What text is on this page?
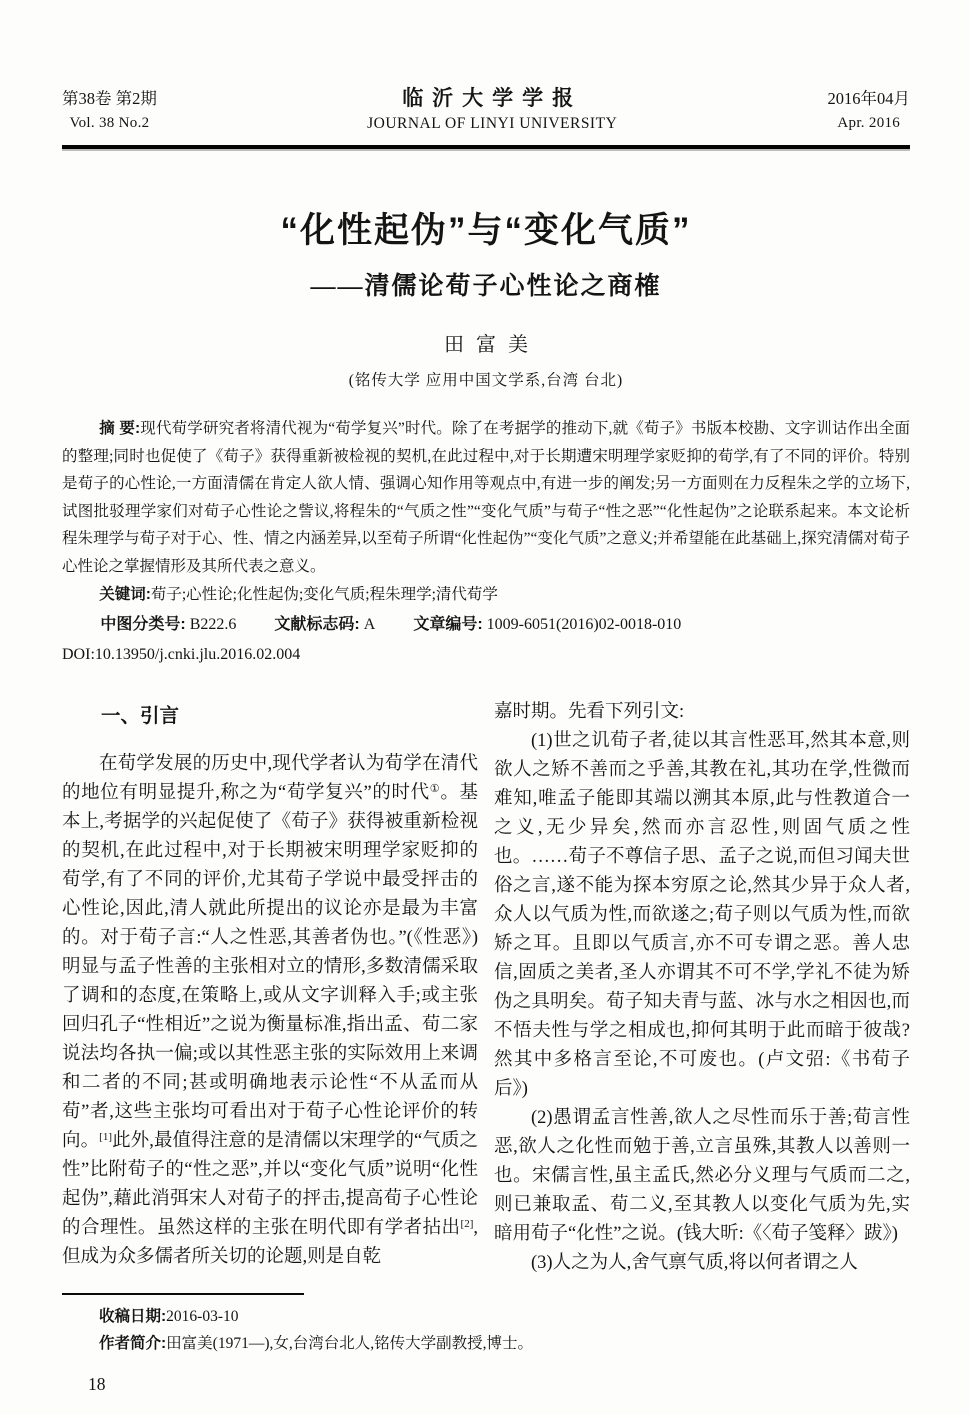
第38卷 第2期
Vol. 38 No.2
临沂大学学报
JOURNAL OF LINYI UNIVERSITY
2016年04月
Apr. 2016
“化性起伪”与“变化气质”
——清儒论荀子心性论之商榷
田富美
(铭传大学 应用中国文学系,台湾 台北)
摘 要:现代荀学研究者将清代视为“荀学复兴”时代。除了在考据学的推动下,就《荀子》书版本校勘、文字训诂作出全面的整理;同时也促使了《荀子》获得重新被检视的契机,在此过程中,对于长期遭宋明理学家贬抑的荀学,有了不同的评价。特别是荀子的心性论,一方面清儒在肯定人欲人情、强调心知作用等观点中,有进一步的阐发;另一方面则在力反程朱之学的立场下,试图批驳理学家们对荀子心性论之訾议,将程朱的“气质之性”“变化气质”与荀子“性之恶”“化性起伪”之论联系起来。本文论析程朱理学与荀子对于心、性、情之内涵差异,以至荀子所谓“化性起伪”“变化气质”之意义;并希望能在此基础上,探究清儒对荀子心性论之掌握情形及其所代表之意义。
关键词:荀子;心性论;化性起伪;变化气质;程朱理学;清代荀学
中图分类号: B222.6 文献标志码: A 文章编号: 1009-6051(2016)02-0018-010
DOI:10.13950/j.cnki.jlu.2016.02.004
一、引言

在荀学发展的历史中,现代学者认为荀学在清代的地位有明显提升,称之为“荀学复兴”的时代①。基本上,考据学的兴起促使了《荀子》获得被重新检视的契机,在此过程中,对于长期被宋明理学家贬抑的荀学,有了不同的评价,尤其荀子学说中最受抨击的心性论,因此,清人就此所提出的议论亦是最为丰富的。对于荀子言:“人之性恶,其善者伪也。”(《性恶》)明显与孟子性善的主张相对立的情形,多数清儒采取了调和的态度,在策略上,或从文字训释入手;或主张回归孔子“性相近”之说为衡量标准,指出孟、荀二家说法均各执一偏;或以其性恶主张的实际效用上来调和二者的不同;甚或明确地表示论性“不从孟而从荀”者,这些主张均可看出对于荀子心性论评价的转向。[1]此外,最值得注意的是清儒以宋理学的“气质之性”比附荀子的“性之恶”,并以“变化气质”说明“化性起伪”,藉此消弭宋人对荀子的抨击,提高荀子心性论的合理性。虽然这样的主张在明代即有学者拈出[2],但成为众多儒者所关切的论题,则是自乾

嘉时期。先看下列引文:

(1)世之讥荀子者,徒以其言性恶耳,然其本意,则欲人之矫不善而之乎善,其教在礼,其功在学,性微而难知,唯孟子能即其端以溯其本原,此与性教道合一之义,无少异矣,然而亦言忍性,则固气质之性也。……荀子不尊信子思、孟子之说,而但习闻夫世俗之言,遂不能为探本穷原之论,然其少异于众人者,众人以气质为性,而欲遂之;荀子则以气质为性,而欲矫之耳。且即以气质言,亦不可专谓之恶。善人忠信,固质之美者,圣人亦谓其不可不学,学礼不徒为矫伪之具明矣。荀子知夫青与蓝、冰与水之相因也,而不悟夫性与学之相成也,抑何其明于此而暗于彼哉?然其中多格言至论,不可废也。(卢文弨:《书荀子后》)

(2)愚谓孟言性善,欲人之尽性而乐于善;荀言性恶,欲人之化性而勉于善,立言虽殊,其教人以善则一也。宋儒言性,虽主孟氏,然必分义理与气质而二之,则已兼取孟、荀二义,至其教人以变化气质为先,实暗用荀子“化性”之说。(钱大昕:《〈荀子笺释〉跋》)

(3)人之为人,舍气禀气质,将以何者谓之人

收稿日期:2016-03-10
作者简介:田富美(1971—),女,台湾台北人,铭传大学副教授,博士。
18
